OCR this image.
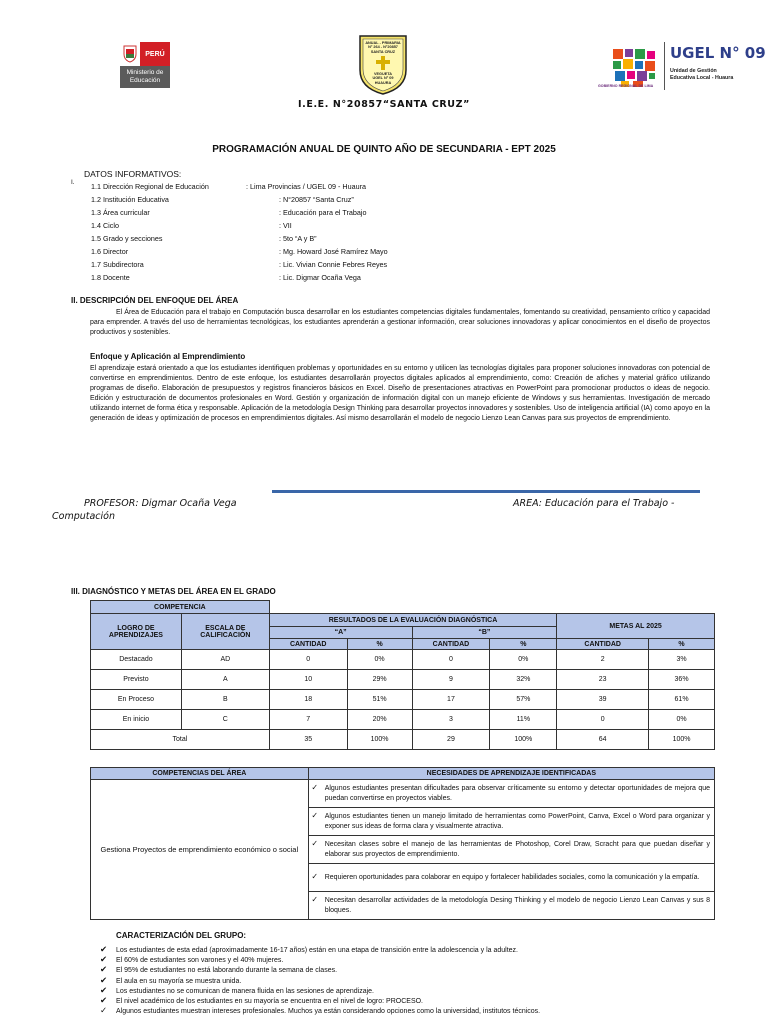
PERÚ
Ministerio de
Educación
ANUAL - PRIMARIA
N° 264 - N°20857
SANTA CRUZ
VEGUETA
UGEL N° 09
HUAURA
I.E.E. N°20857“SANTA CRUZ”
GOBIERNO REGIONAL DE LIMA
UGEL N° 09
Unidad de Gestión
Educativa Local - Huaura
PROGRAMACIÓN ANUAL DE QUINTO AÑO DE SECUNDARIA - EPT 2025
I.
DATOS INFORMATIVOS:
1.1 Dirección Regional de Educación	: Lima Provincias / UGEL 09 - Huaura
1.2 Institución Educativa	: N°20857 “Santa Cruz”
1.3 Área curricular	: Educación para el Trabajo
1.4 Ciclo	: VII
1.5 Grado y secciones	: 5to “A y B”
1.6 Director	: Mg. Howard José Ramírez Mayo
1.7 Subdirectora	: Lic. Vivian Connie Febres Reyes
1.8 Docente	: Lic. Digmar Ocaña Vega
II. DESCRIPCIÓN DEL ENFOQUE DEL ÁREA
El Área de Educación para el trabajo en Computación busca desarrollar en los estudiantes competencias digitales fundamentales, fomentando su creatividad, pensamiento crítico y capacidad para emprender. A través del uso de herramientas tecnológicas, los estudiantes aprenderán a gestionar información, crear soluciones innovadoras y aplicar conocimientos en el diseño de proyectos productivos y sostenibles.
Enfoque y Aplicación al Emprendimiento
El aprendizaje estará orientado a que los estudiantes identifiquen problemas y oportunidades en su entorno y utilicen las tecnologías digitales para proponer soluciones innovadoras con potencial de convertirse en emprendimientos. Dentro de este enfoque, los estudiantes desarrollarán proyectos digitales aplicados al emprendimiento, como: Creación de afiches y material gráfico utilizando programas de diseño. Elaboración de presupuestos y registros financieros básicos en Excel. Diseño de presentaciones atractivas en PowerPoint para promocionar productos o ideas de negocio. Edición y estructuración de documentos profesionales en Word. Gestión y organización de información digital con un manejo eficiente de Windows y sus herramientas. Investigación de mercado utilizando internet de forma ética y responsable. Aplicación de la metodología Design Thinking para desarrollar proyectos innovadores y sostenibles. Uso de inteligencia artificial (IA) como apoyo en la generación de ideas y optimización de procesos en emprendimientos digitales. Así mismo desarrollarán el modelo de negocio Lienzo Lean Canvas para sus proyectos de emprendimiento.
PROFESOR: Digmar Ocaña Vega	AREA: Educación para el Trabajo -
Computación
III. DIAGNÓSTICO Y METAS DEL ÁREA EN EL GRADO
COMPETENCIA							
LOGRO DE APRENDIZAJES	ESCALA DE CALIFICACIÓN	RESULTADOS DE LA EVALUACIÓN DIAGNÓSTICA				METAS AL 2025	
		“A”		“B”			
		CANTIDAD	%	CANTIDAD	%	CANTIDAD	%
Destacado	AD	0	0%	0	0%	2	3%
Previsto	A	10	29%	9	32%	23	36%
En Proceso	B	18	51%	17	57%	39	61%
En inicio	C	7	20%	3	11%	0	0%
Total		35	100%	29	100%	64	100%
COMPETENCIAS DEL ÁREA	NECESIDADES DE APRENDIZAJE IDENTIFICADAS
Gestiona Proyectos de emprendimiento económico o social	✓ Algunos estudiantes presentan dificultades para observar críticamente su entorno y detectar oportunidades de mejora que puedan convertirse en proyectos viables.

	✓ Algunos estudiantes tienen un manejo limitado de herramientas como PowerPoint, Canva, Excel o Word para organizar y exponer sus ideas de forma clara y visualmente atractiva.

	✓ Necesitan clases sobre el manejo de las herramientas de Photoshop, Corel Draw, Scracht para que puedan diseñar y elaborar sus proyectos de emprendimiento.

	✓ Requieren oportunidades para colaborar en equipo y fortalecer habilidades sociales, como la comunicación y la empatía.

	✓ Necesitan desarrollar actividades de la metodología Desing Thinking y el modelo de negocio Lienzo Lean Canvas y sus 8 bloques.
CARACTERIZACIÓN DEL GRUPO:
✔ Los estudiantes de esta edad (aproximadamente 16-17 años) están en una etapa de transición entre la adolescencia y la adultez.
✔ El 60% de estudiantes son varones y el 40% mujeres.
✔ El 95% de estudiantes no está laborando durante la semana de clases.
✔ El aula en su mayoría se muestra unida.
✔ Los estudiantes no se comunican de manera fluida en las sesiones de aprendizaje.
✔ El nivel académico de los estudiantes en su mayoría se encuentra en el nivel de logro: PROCESO.
✓ Algunos estudiantes muestran intereses profesionales. Muchos ya están considerando opciones como la universidad, institutos técnicos.
